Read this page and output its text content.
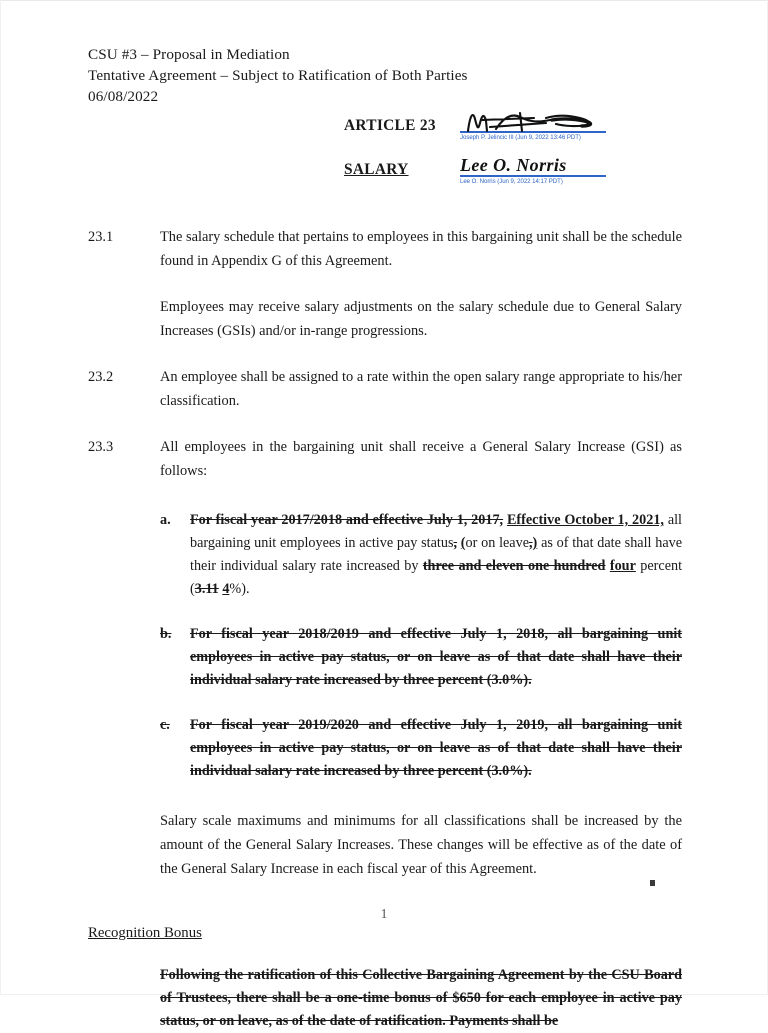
CSU #3 – Proposal in Mediation
Tentative Agreement – Subject to Ratification of Both Parties
06/08/2022
ARTICLE 23
Joseph P. Jelincic III (Jun 9, 2022 13:46 PDT)
SALARY	Lee O. Norris
Lee O. Norris (Jun 9, 2022 14:17 PDT)
23.1	The salary schedule that pertains to employees in this bargaining unit shall be the schedule found in Appendix G of this Agreement.

Employees may receive salary adjustments on the salary schedule due to General Salary Increases (GSIs) and/or in-range progressions.

23.2	An employee shall be assigned to a rate within the open salary range appropriate to his/her classification.

23.3	All employees in the bargaining unit shall receive a General Salary Increase (GSI) as follows:

a.	For fiscal year 2017/2018 and effective July 1, 2017, Effective October 1, 2021, all bargaining unit employees in active pay status, (or on leave,) as of that date shall have their individual salary rate increased by three and eleven one hundred four percent (3.11 4%).
b.	For fiscal year 2018/2019 and effective July 1, 2018, all bargaining unit employees in active pay status, or on leave as of that date shall have their individual salary rate increased by three percent (3.0%).
c.	For fiscal year 2019/2020 and effective July 1, 2019, all bargaining unit employees in active pay status, or on leave as of that date shall have their individual salary rate increased by three percent (3.0%).
Salary scale maximums and minimums for all classifications shall be increased by the amount of the General Salary Increases. These changes will be effective as of the date of the General Salary Increase in each fiscal year of this Agreement.
Recognition Bonus
Following the ratification of this Collective Bargaining Agreement by the CSU Board of Trustees, there shall be a one-time bonus of $650 for each employee in active pay status, or on leave, as of the date of ratification. Payments shall be
1
